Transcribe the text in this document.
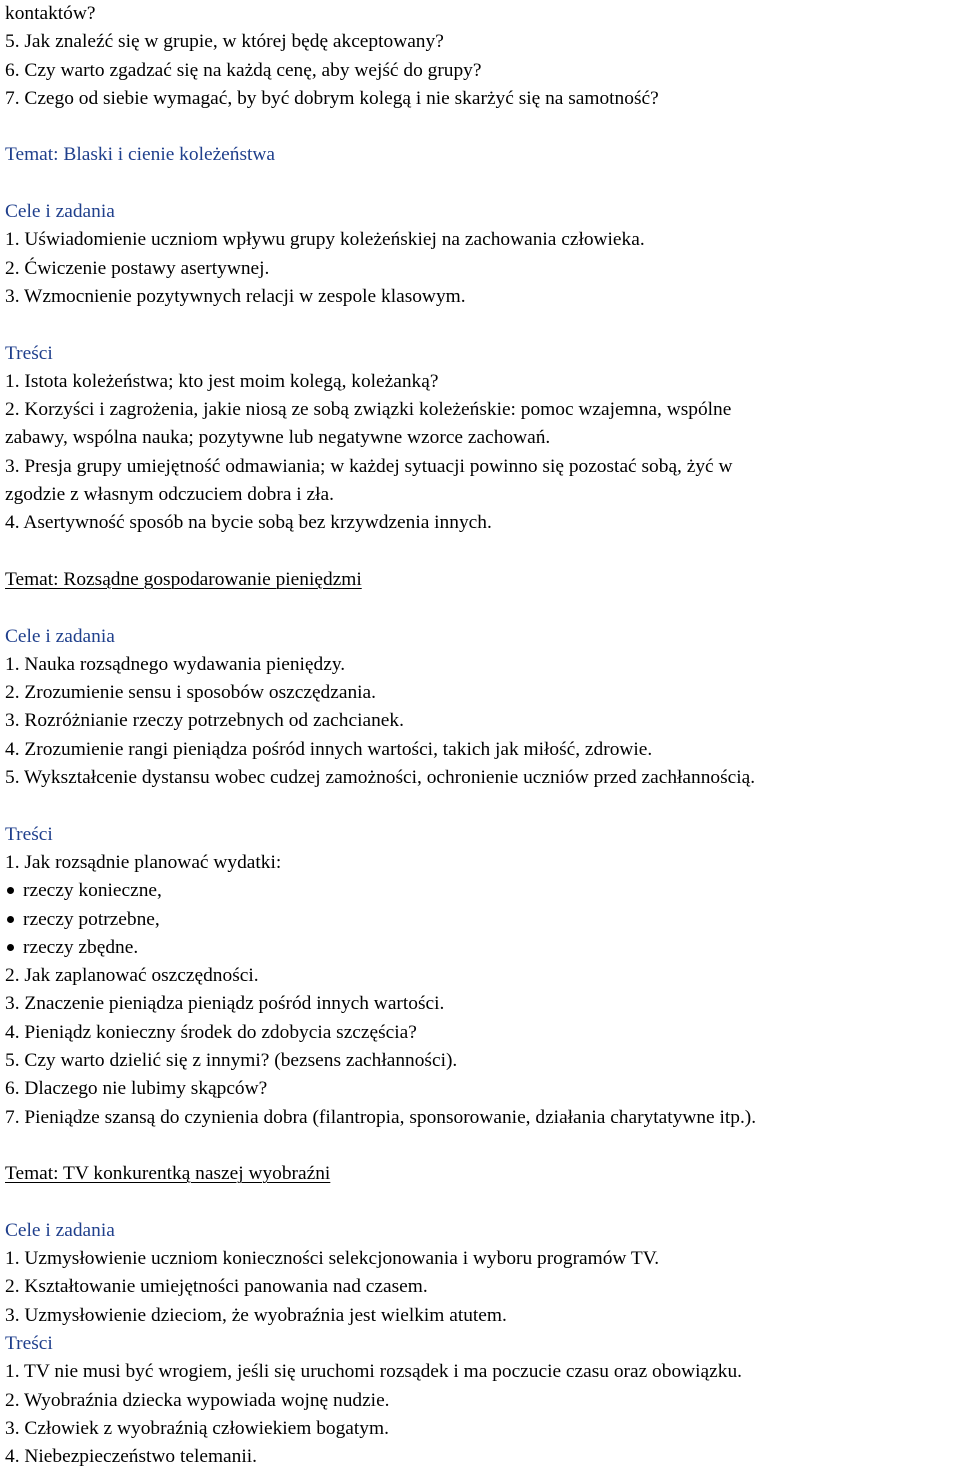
kontaktów?
5. Jak znaleźć się w grupie, w której będę akceptowany?
6. Czy warto zgadzać się na każdą cenę, aby wejść do grupy?
7. Czego od siebie wymagać, by być dobrym kolegą i nie skarżyć się na samotność?
Temat: Blaski i cienie koleżeństwa
Cele i zadania
1. Uświadomienie uczniom wpływu grupy koleżeńskiej na zachowania człowieka.
2. Ćwiczenie postawy asertywnej.
3. Wzmocnienie pozytywnych relacji w zespole klasowym.
Treści
1. Istota koleżeństwa; kto jest moim kolegą, koleżanką?
2. Korzyści i zagrożenia, jakie niosą ze sobą związki koleżeńskie: pomoc wzajemna, wspólne
zabawy, wspólna nauka; pozytywne lub negatywne wzorce zachowań.
3. Presja grupy umiejętność odmawiania; w każdej sytuacji powinno się pozostać sobą, żyć w
zgodzie z własnym odczuciem dobra i zła.
4. Asertywność sposób na bycie sobą bez krzywdzenia innych.
Temat: Rozsądne gospodarowanie pieniędzmi
Cele i zadania
1. Nauka rozsądnego wydawania pieniędzy.
2. Zrozumienie sensu i sposobów oszczędzania.
3. Rozróżnianie rzeczy potrzebnych od zachcianek.
4. Zrozumienie rangi pieniądza pośród innych wartości, takich jak miłość, zdrowie.
5. Wykształcenie dystansu wobec cudzej zamożności, ochronienie uczniów przed zachłannością.
Treści
1. Jak rozsądnie planować wydatki:
rzeczy konieczne,
rzeczy potrzebne,
rzeczy zbędne.
2. Jak zaplanować oszczędności.
3. Znaczenie pieniądza pieniądz pośród innych wartości.
4. Pieniądz konieczny środek do zdobycia szczęścia?
5. Czy warto dzielić się z innymi? (bezsens zachłanności).
6. Dlaczego nie lubimy skąpców?
7. Pieniądze szansą do czynienia dobra (filantropia, sponsorowanie, działania charytatywne itp.).
Temat: TV konkurentką naszej wyobraźni
Cele i zadania
1. Uzmysłowienie uczniom konieczności selekcjonowania i wyboru programów TV.
2. Kształtowanie umiejętności panowania nad czasem.
3. Uzmysłowienie dzieciom, że wyobraźnia jest wielkim atutem.
Treści
1. TV nie musi być wrogiem, jeśli się uruchomi rozsądek i ma poczucie czasu oraz obowiązku.
2. Wyobraźnia dziecka wypowiada wojnę nudzie.
3. Człowiek z wyobraźnią człowiekiem bogatym.
4. Niebezpieczeństwo telemanii.
